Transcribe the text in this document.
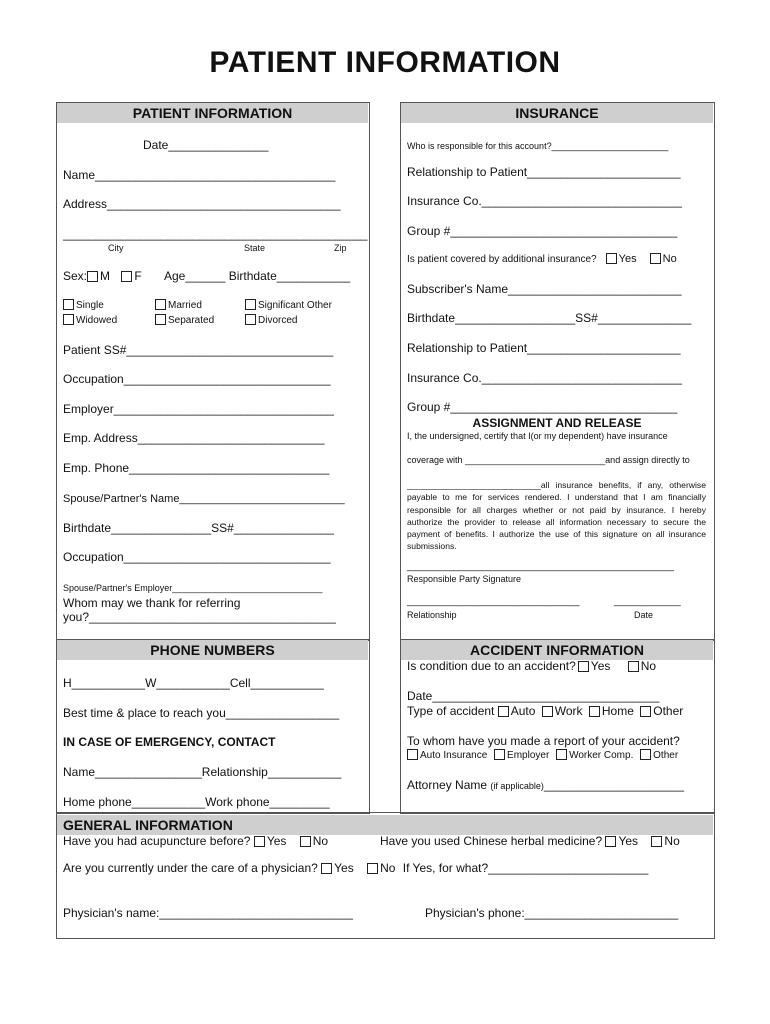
PATIENT INFORMATION
PATIENT INFORMATION
Date_______________
Name____________________________________
Address___________________________________
_______________________________________________
City	State	Zip
Sex: M F Age______ Birthdate___________
Single	Married	Significant Other
Widowed	Separated	Divorced
Patient SS#_______________________________
Occupation_______________________________
Employer_________________________________
Emp. Address____________________________
Emp. Phone______________________________
Spouse/Partner's Name___________________________
Birthdate_______________SS#_______________
Occupation_______________________________
Spouse/Partner's Employer______________________________
Whom may we thank for referring
you?_____________________________________
PHONE NUMBERS
H___________W___________Cell___________
Best time & place to reach you_________________
IN CASE OF EMERGENCY, CONTACT
Name________________Relationship___________
Home phone___________Work phone_________
INSURANCE
Who is responsible for this account?_____________________
Relationship to Patient_______________________
Insurance Co.______________________________
Group #__________________________________
Is patient covered by additional insurance? Yes No
Subscriber's Name__________________________
Birthdate__________________SS#______________
Relationship to Patient_______________________
Insurance Co.______________________________
Group #__________________________________
ASSIGNMENT AND RELEASE
I, the undersigned, certify that I(or my dependent) have insurance
coverage with ____________________________and assign directly to
____________________________all insurance benefits, if any, otherwise payable to me for services rendered. I understand that I am financially responsible for all charges whether or not paid by insurance. I hereby authorize the provider to release all information necessary to secure the payment of benefits. I authorize the use of this signature on all insurance submissions.
________________________________________________
Responsible Party Signature
_______________________________	____________
Relationship	Date
ACCIDENT INFORMATION
Is condition due to an accident? Yes	No
Date__________________________________
Type of accident Auto Work Home Other
To whom have you made a report of your accident?
Auto Insurance Employer Worker Comp. Other
Attorney Name (if applicable)_____________________
GENERAL INFORMATION
Have you had acupuncture before? Yes No	Have you used Chinese herbal medicine? Yes No
Are you currently under the care of a physician? Yes No If Yes, for what?________________________
Physician's name:_____________________________	Physician's phone:_______________________
